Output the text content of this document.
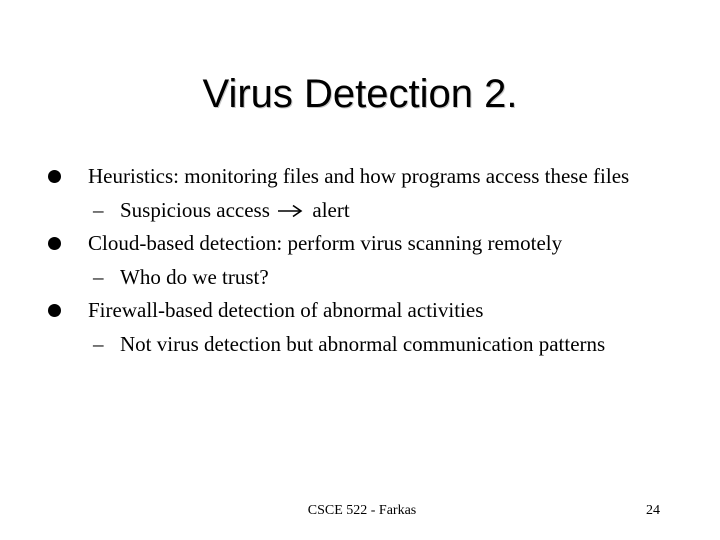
Virus Detection 2.
Heuristics: monitoring files and how programs access these files
– Suspicious access alert
Cloud-based detection: perform virus scanning remotely
– Who do we trust?
Firewall-based detection of abnormal activities
– Not virus detection but abnormal communication patterns
CSCE 522 - Farkas	24
